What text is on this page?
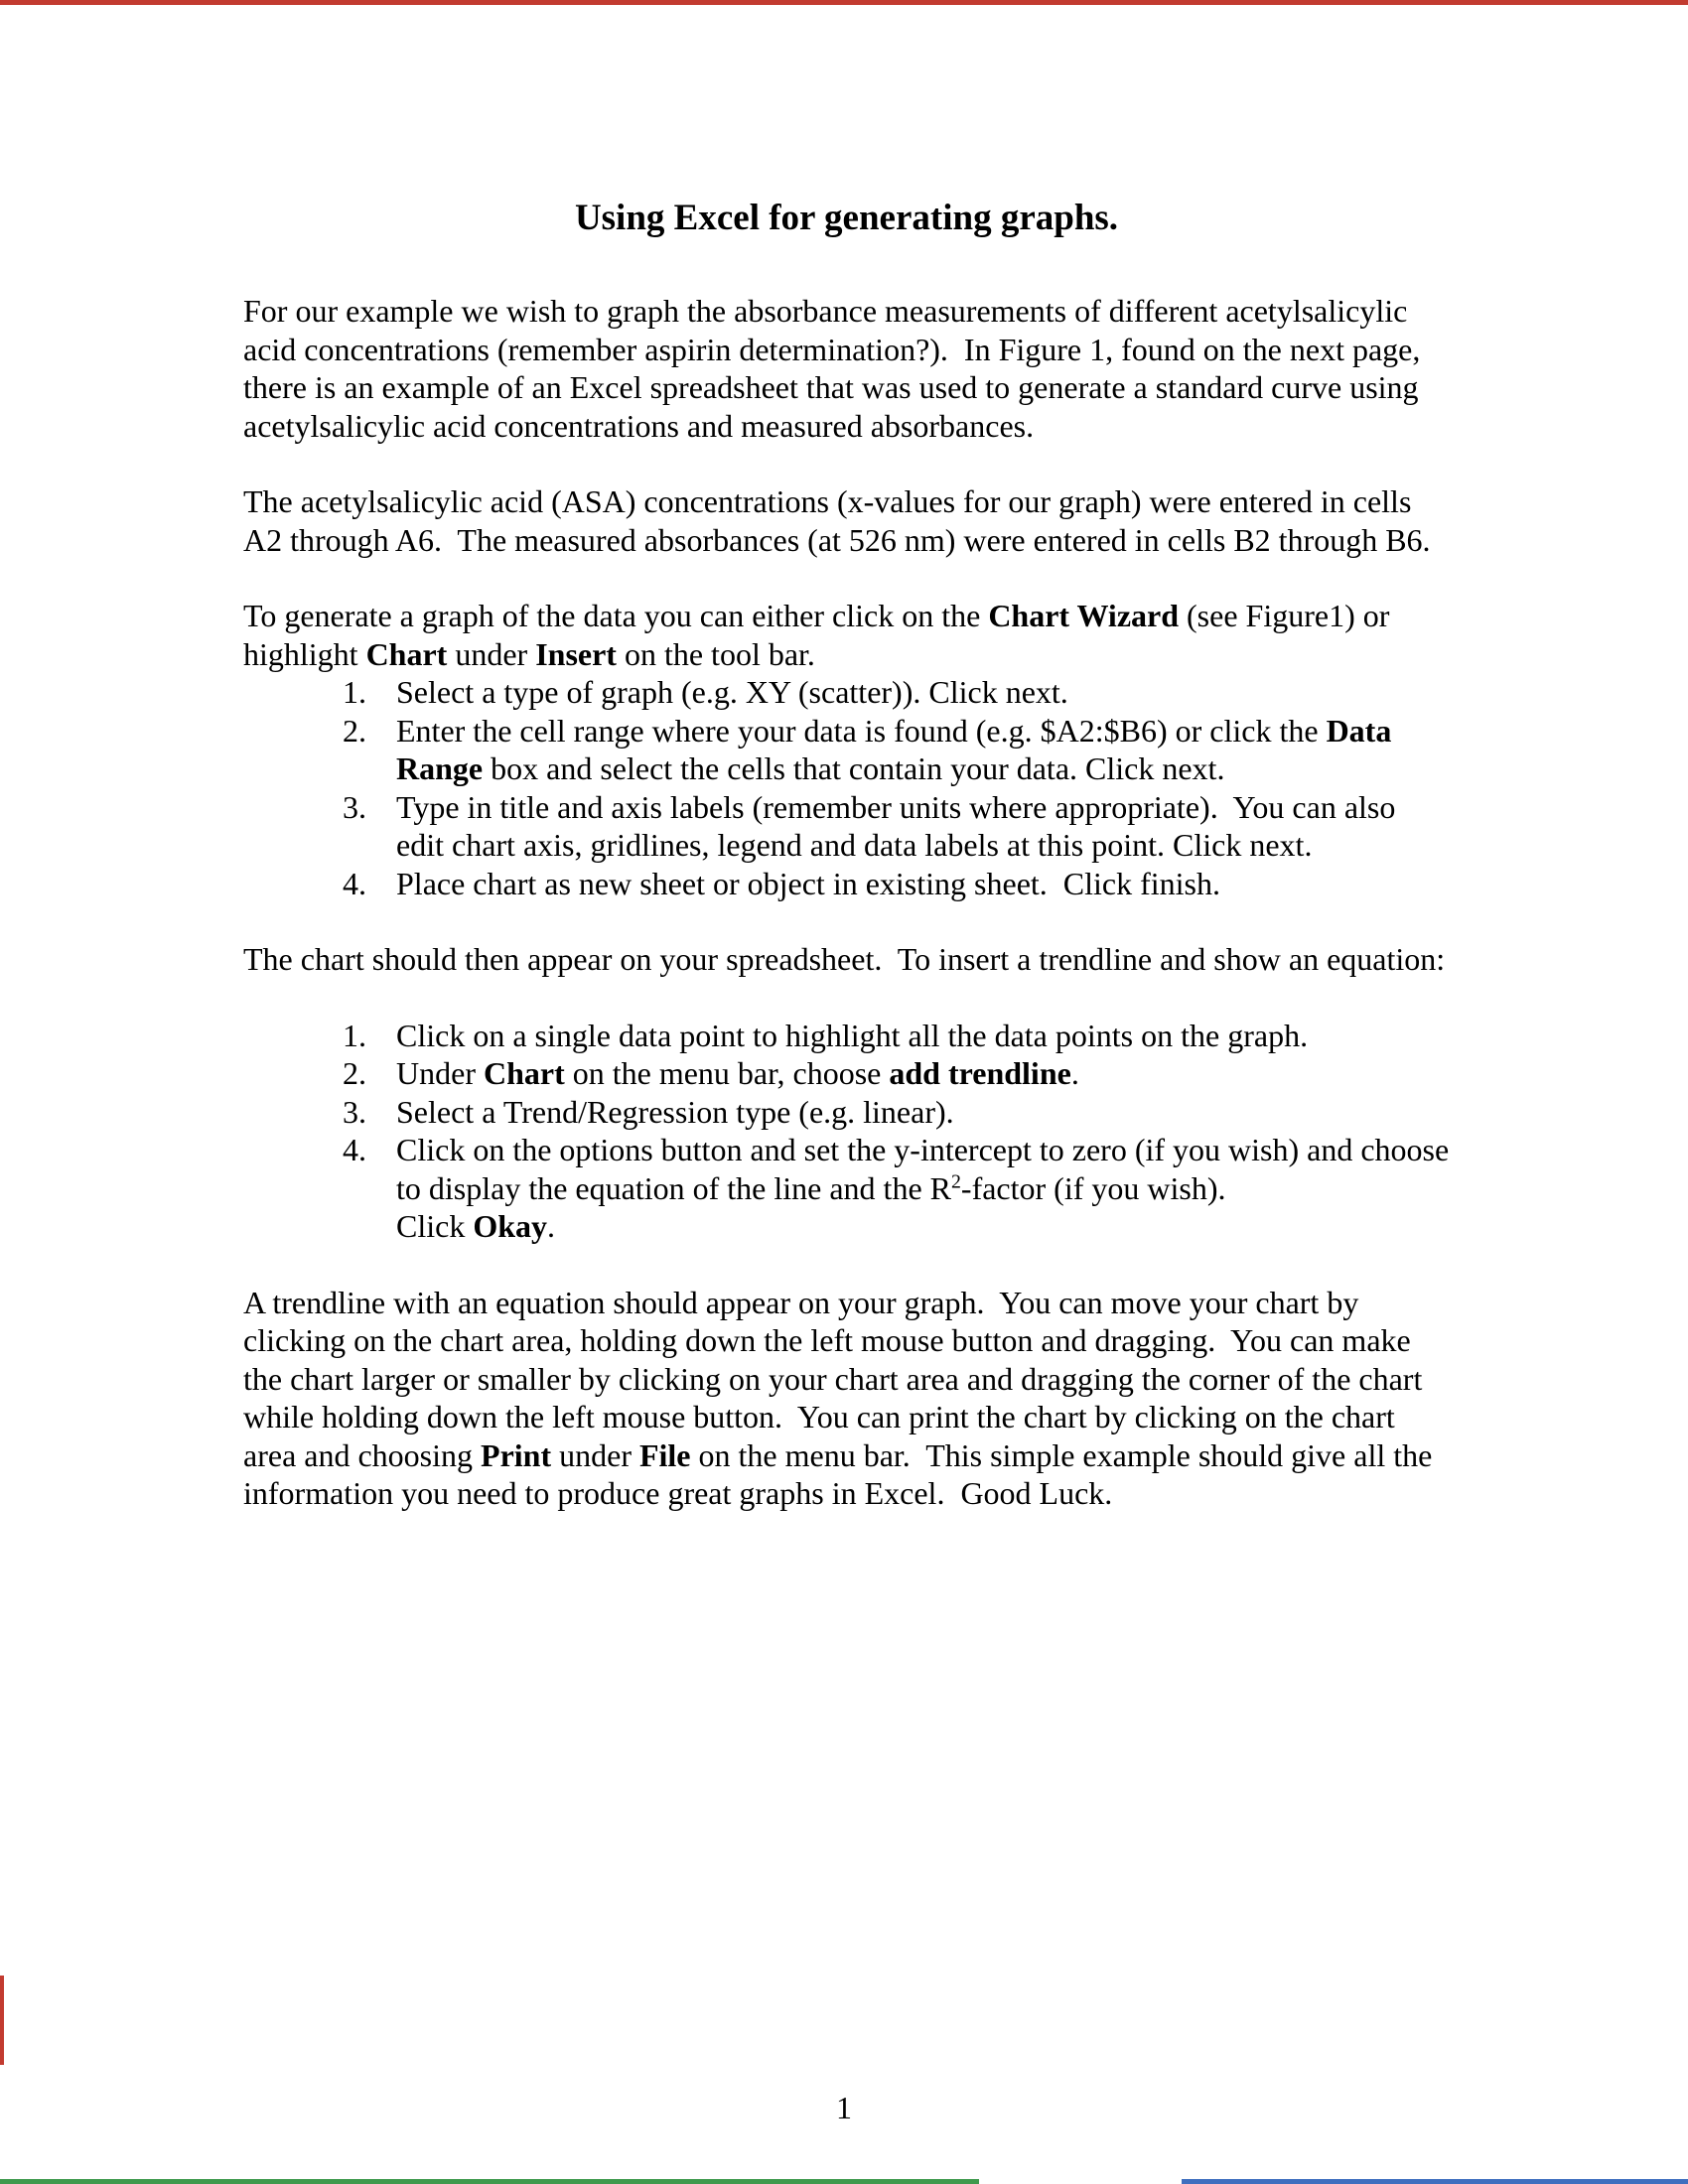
Using Excel for generating graphs.

For our example we wish to graph the absorbance measurements of different acetylsalicylic acid concentrations (remember aspirin determination?).  In Figure 1, found on the next page, there is an example of an Excel spreadsheet that was used to generate a standard curve using acetylsalicylic acid concentrations and measured absorbances.

The acetylsalicylic acid (ASA) concentrations (x-values for our graph) were entered in cells A2 through A6.  The measured absorbances (at 526 nm) were entered in cells B2 through B6.

To generate a graph of the data you can either click on the Chart Wizard (see Figure1) or highlight Chart under Insert on the tool bar.

1. Select a type of graph (e.g. XY (scatter)). Click next.
2. Enter the cell range where your data is found (e.g. $A2:$B6) or click the Data Range box and select the cells that contain your data. Click next.
3. Type in title and axis labels (remember units where appropriate).  You can also edit chart axis, gridlines, legend and data labels at this point. Click next.
4. Place chart as new sheet or object in existing sheet.  Click finish.

The chart should then appear on your spreadsheet.  To insert a trendline and show an equation:

1. Click on a single data point to highlight all the data points on the graph.
2. Under Chart on the menu bar, choose add trendline.
3. Select a Trend/Regression type (e.g. linear).
4. Click on the options button and set the y-intercept to zero (if you wish) and choose to display the equation of the line and the $R^2$-factor (if you wish).
Click Okay.

A trendline with an equation should appear on your graph.  You can move your chart by clicking on the chart area, holding down the left mouse button and dragging.  You can make the chart larger or smaller by clicking on your chart area and dragging the corner of the chart while holding down the left mouse button.  You can print the chart by clicking on the chart area and choosing Print under File on the menu bar.  This simple example should give all the information you need to produce great graphs in Excel.  Good Luck.

1
